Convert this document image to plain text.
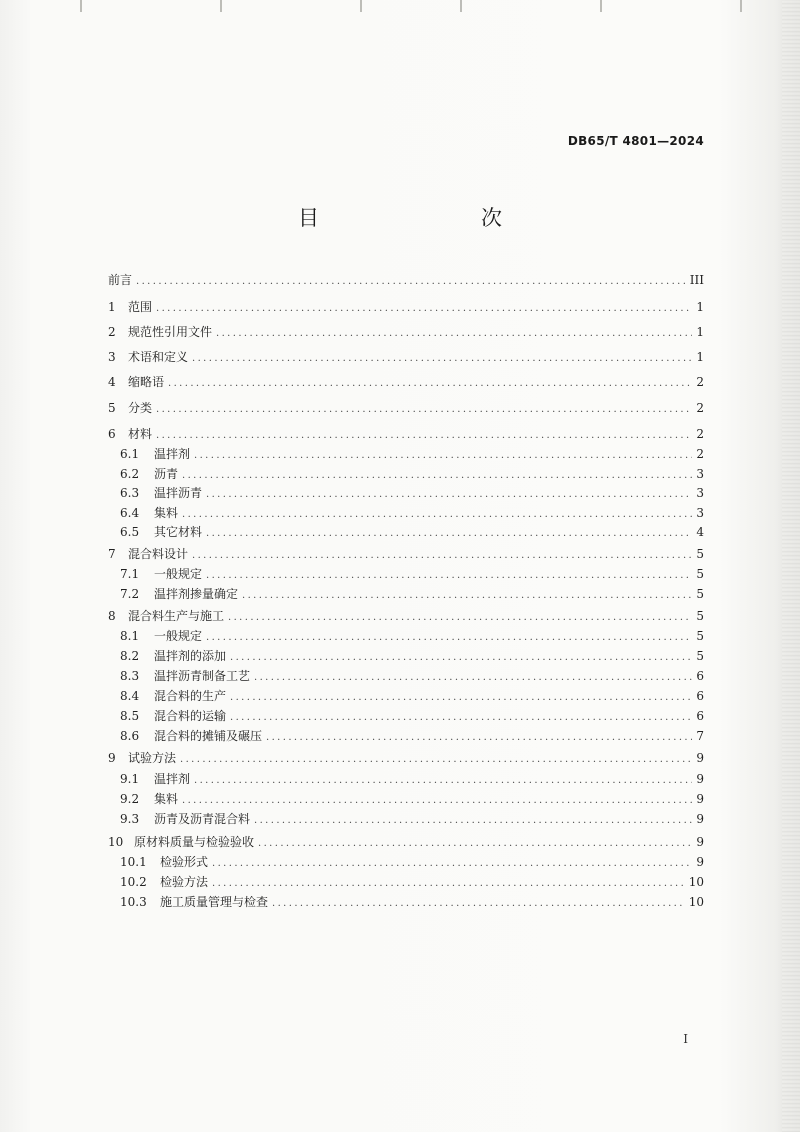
DB65/T 4801—2024
目　　次
前言 .....	III
1	范围 .....	1
2	规范性引用文件 .....	1
3	术语和定义 .....	1
4	缩略语 .....	2
5	分类 .....	2
6	材料 .....	2
6.1	温拌剂 .....	2
6.2	沥青 .....	3
6.3	温拌沥青 .....	3
6.4	集料 .....	3
6.5	其它材料 .....	4
7	混合料设计 .....	5
7.1	一般规定 .....	5
7.2	温拌剂掺量确定 .....	5
8	混合料生产与施工 .....	5
8.1	一般规定 .....	5
8.2	温拌剂的添加 .....	5
8.3	温拌沥青制备工艺 .....	6
8.4	混合料的生产 .....	6
8.5	混合料的运输 .....	6
8.6	混合料的摊铺及碾压 .....	7
9	试验方法 .....	9
9.1	温拌剂 .....	9
9.2	集料 .....	9
9.3	沥青及沥青混合料 .....	9
10 原材料质量与检验验收 .....	9
10.1	检验形式 .....	9
10.2	检验方法 .....	10
10.3	施工质量管理与检查 .....	10
I
